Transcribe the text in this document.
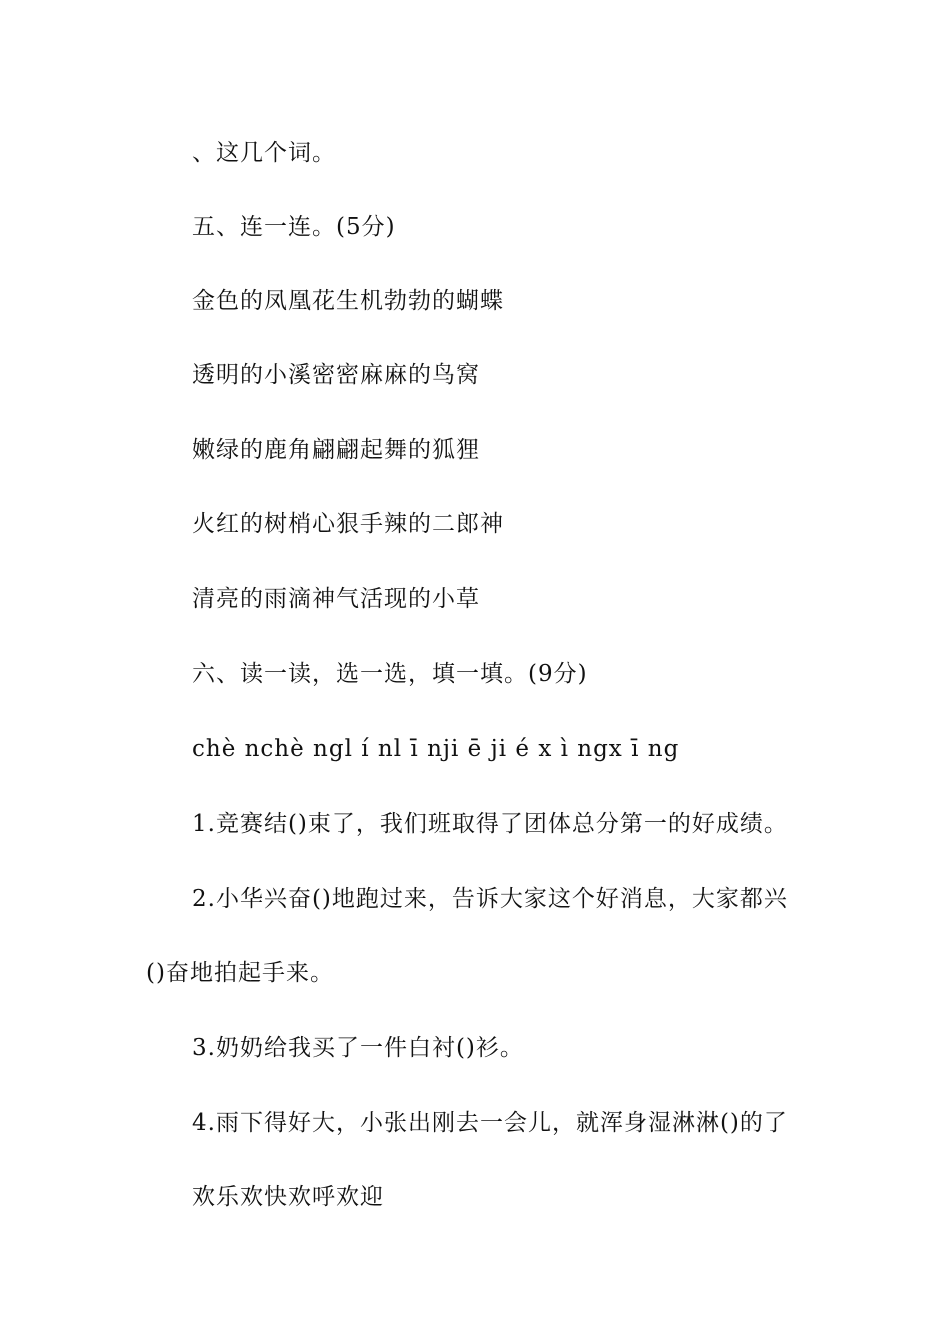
、这几个词。
五、连一连。(5分)
金色的凤凰花生机勃勃的蝴蝶
透明的小溪密密麻麻的鸟窝
嫩绿的鹿角翩翩起舞的狐狸
火红的树梢心狠手辣的二郎神
清亮的雨滴神气活现的小草
六、读一读，选一选，填一填。(9分)
chè nchè ngl í nl ī nji ē ji é x ì ngx ī ng
1.竞赛结()束了，我们班取得了团体总分第一的好成绩。
2.小华兴奋()地跑过来，告诉大家这个好消息，大家都兴
()奋地拍起手来。
3.奶奶给我买了一件白衬()衫。
4.雨下得好大，小张出刚去一会儿，就浑身湿淋淋()的了
欢乐欢快欢呼欢迎
